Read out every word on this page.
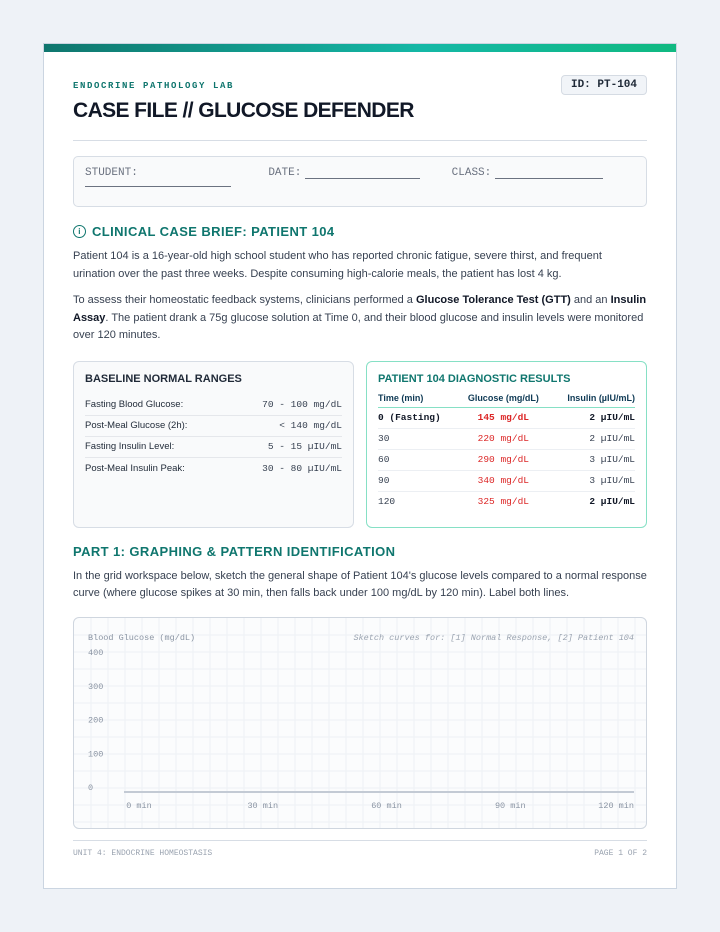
ENDOCRINE PATHOLOGY LAB
CASE FILE // GLUCOSE DEFENDER
ID: PT-104
STUDENT:	DATE:	CLASS:
i CLINICAL CASE BRIEF: PATIENT 104

Patient 104 is a 16-year-old high school student who has reported chronic fatigue, severe thirst, and frequent urination over the past three weeks. Despite consuming high-calorie meals, the patient has lost 4 kg.

To assess their homeostatic feedback systems, clinicians performed a Glucose Tolerance Test (GTT) and an Insulin Assay. The patient drank a 75g glucose solution at Time 0, and their blood glucose and insulin levels were monitored over 120 minutes.

BASELINE NORMAL RANGES
Fasting Blood Glucose:	70 - 100 mg/dL
Post-Meal Glucose (2h):	< 140 mg/dL
Fasting Insulin Level:	5 - 15 µIU/mL
Post-Meal Insulin Peak:	30 - 80 µIU/mL
PATIENT 104 DIAGNOSTIC RESULTS
Time (min)	Glucose (mg/dL)	Insulin (µIU/mL)
0 (Fasting)	145 mg/dL	2 µIU/mL
30	220 mg/dL	2 µIU/mL
60	290 mg/dL	3 µIU/mL
90	340 mg/dL	3 µIU/mL
120	325 mg/dL	2 µIU/mL
PART 1: GRAPHING & PATTERN IDENTIFICATION

In the grid workspace below, sketch the general shape of Patient 104's glucose levels compared to a normal response curve (where glucose spikes at 30 min, then falls back under 100 mg/dL by 120 min). Label both lines.

Blood Glucose (mg/dL)	Sketch curves for: [1] Normal Response, [2] Patient 104
400
300
200
100
0
0 min	30 min	60 min	90 min	120 min
UNIT 4: ENDOCRINE HOMEOSTASIS	PAGE 1 OF 2
